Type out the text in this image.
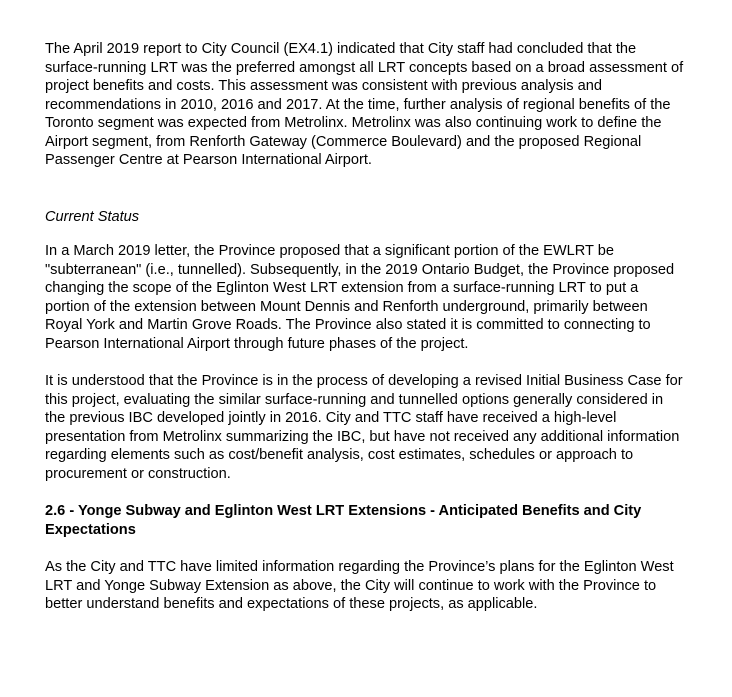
The April 2019 report to City Council (EX4.1) indicated that City staff had concluded that the surface-running LRT was the preferred amongst all LRT concepts based on a broad assessment of project benefits and costs. This assessment was consistent with previous analysis and recommendations in 2010, 2016 and 2017. At the time, further analysis of regional benefits of the Toronto segment was expected from Metrolinx. Metrolinx was also continuing work to define the Airport segment, from Renforth Gateway (Commerce Boulevard) and the proposed Regional Passenger Centre at Pearson International Airport.

Current Status

In a March 2019 letter, the Province proposed that a significant portion of the EWLRT be "subterranean" (i.e., tunnelled). Subsequently, in the 2019 Ontario Budget, the Province proposed changing the scope of the Eglinton West LRT extension from a surface-running LRT to put a portion of the extension between Mount Dennis and Renforth underground, primarily between Royal York and Martin Grove Roads. The Province also stated it is committed to connecting to Pearson International Airport through future phases of the project.

It is understood that the Province is in the process of developing a revised Initial Business Case for this project, evaluating the similar surface-running and tunnelled options generally considered in the previous IBC developed jointly in 2016. City and TTC staff have received a high-level presentation from Metrolinx summarizing the IBC, but have not received any additional information regarding elements such as cost/benefit analysis, cost estimates, schedules or approach to procurement or construction.

2.6 - Yonge Subway and Eglinton West LRT Extensions - Anticipated Benefits and City Expectations

As the City and TTC have limited information regarding the Province’s plans for the Eglinton West LRT and Yonge Subway Extension as above, the City will continue to work with the Province to better understand benefits and expectations of these projects, as applicable.
